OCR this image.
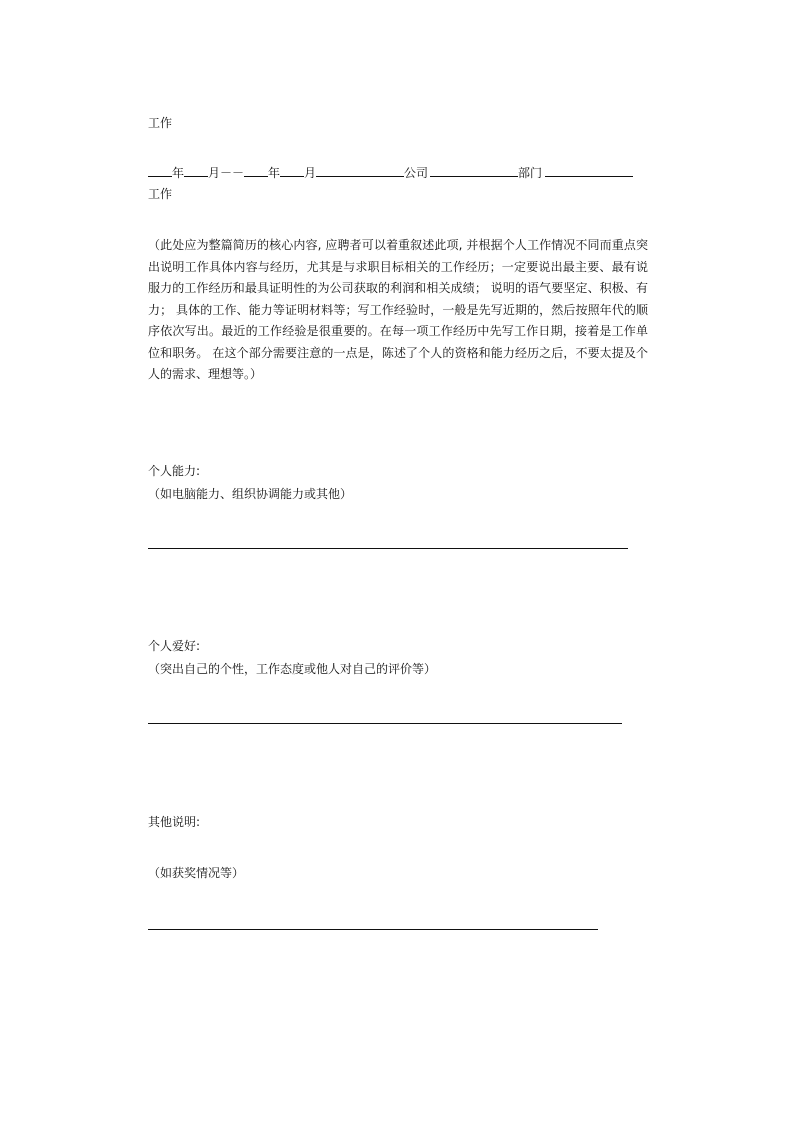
工作
年 月－－ 年 月	公司	部门
工作
（此处应为整篇简历的核心内容, 应聘者可以着重叙述此项, 并根据个人工作情况不同而重点突出说明工作具体内容与经历，尤其是与求职目标相关的工作经历；一定要说出最主要、最有说服力的工作经历和最具证明性的为公司获取的利润和相关成绩； 说明的语气要坚定、积极、有力； 具体的工作、能力等证明材料等；写工作经验时，一般是先写近期的，然后按照年代的顺序依次写出。最近的工作经验是很重要的。在每一项工作经历中先写工作日期，接着是工作单位和职务。 在这个部分需要注意的一点是，陈述了个人的资格和能力经历之后，不要太提及个人的需求、理想等。）
个人能力:
（如电脑能力、组织协调能力或其他）
个人爱好:
（突出自己的个性，工作态度或他人对自己的评价等）
其他说明:
（如获奖情况等）
